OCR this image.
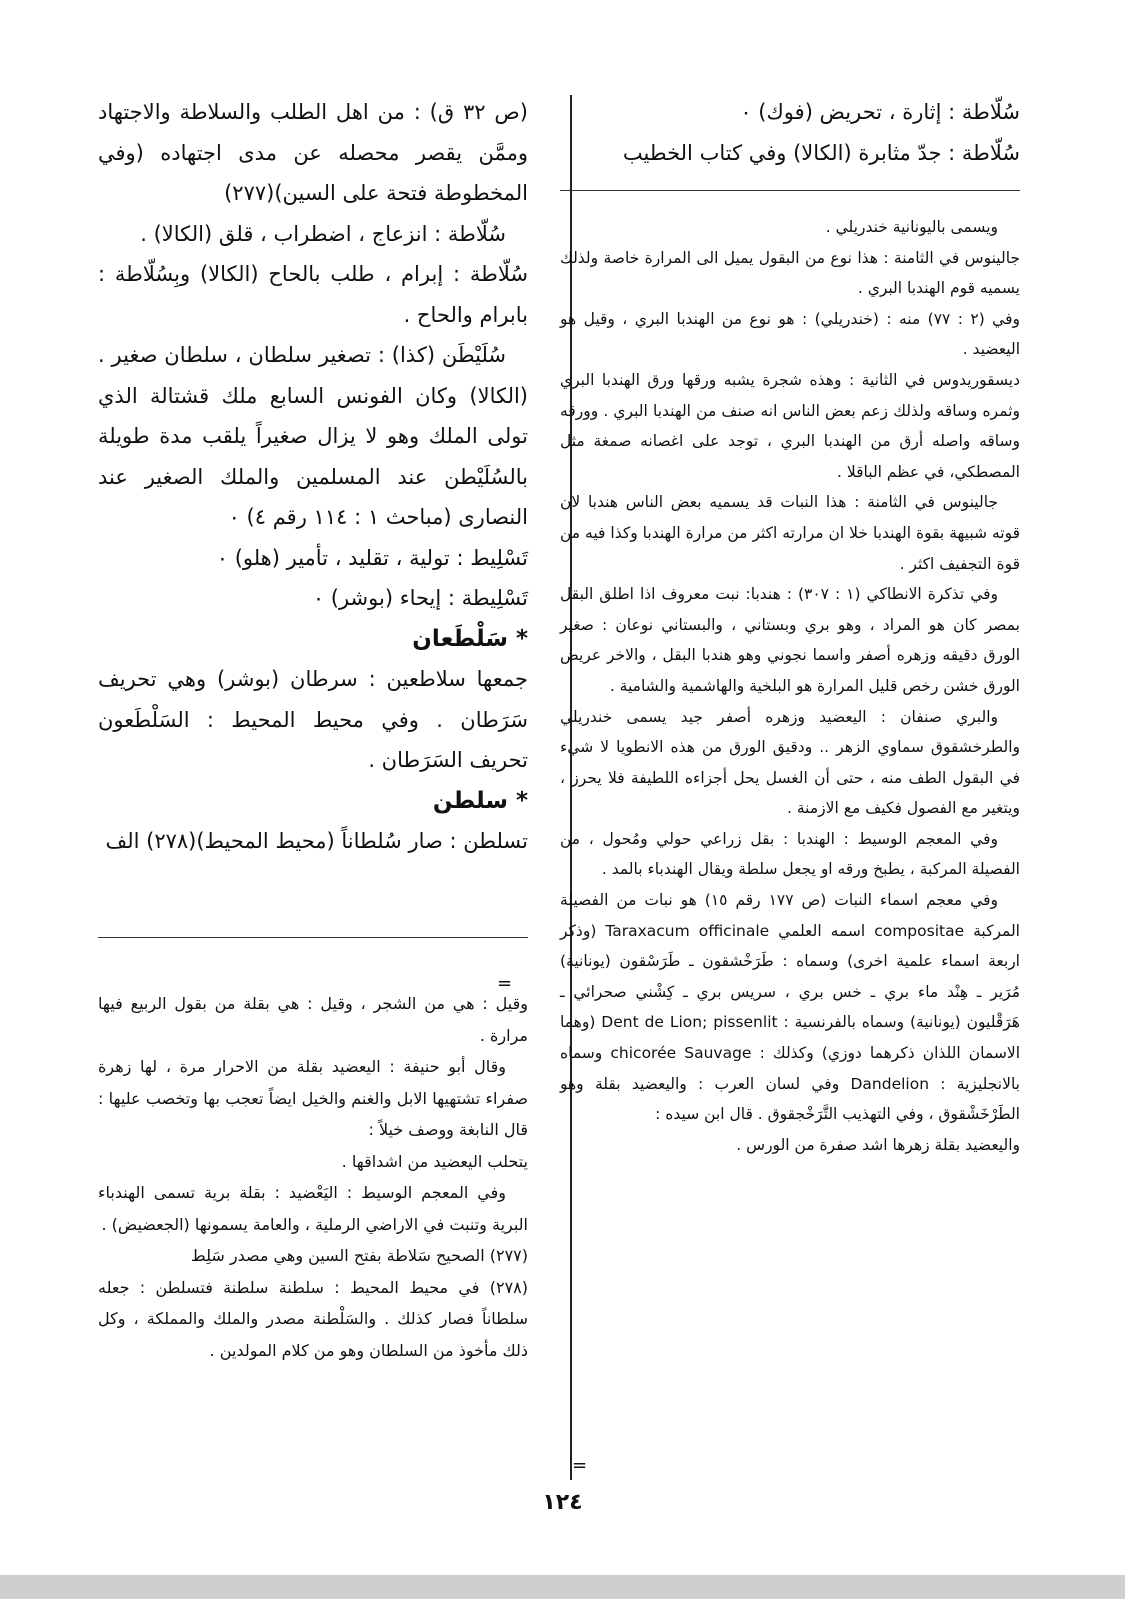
سُلّاطة : إثارة ، تحريض (فوك) ٠

سُلّاطة : جدّ مثابرة (الكالا) وفي كتاب الخطيب

ويسمى باليونانية خندريلي .

جالينوس في الثامنة : هذا نوع من البقول يميل الى المرارة خاصة ولذلك يسميه قوم الهندبا البري .

وفي (٢ : ٧٧) منه : (خندريلي) : هو نوع من الهندبا البري ، وقيل هو اليعضيد .

ديسقوريدوس في الثانية : وهذه شجرة يشبه ورقها ورق الهندبا البري وثمره وساقه ولذلك زعم بعض الناس انه صنف من الهندبا البري . وورقه وساقه واصله أرق من الهندبا البري ، توجد على اغصانه صمغة مثل المصطكي، في عظم الباقلا .

جالينوس في الثامنة : هذا النبات قد يسميه بعض الناس هندبا لان قوته شبيهة بقوة الهندبا خلا ان مرارته اكثر من مرارة الهندبا وكذا فيه من قوة التجفيف اكثر .

وفي تذكرة الانطاكي (١ : ٣٠٧) : هندبا: نبت معروف اذا اطلق البقل بمصر كان هو المراد ، وهو بري وبستاني ، والبستاني نوعان : صغير الورق دقيقه وزهره أصفر واسما نجوني وهو هندبا البقل ، والاخر عريض الورق خشن رخص قليل المرارة هو البلخية والهاشمية والشامية .

والبري صنفان : اليعضيد وزهره أصفر جيد يسمى خندريلي والطرخشقوق سماوي الزهر .. ودقيق الورق من هذه الانطويا لا شيء في البقول الطف منه ، حتى أن الغسل يحل أجزاءه اللطيفة فلا يحرز ، ويتغير مع الفصول فكيف مع الازمنة .

وفي المعجم الوسيط : الهندبا : بقل زراعي حولي ومُحول ، من الفصيلة المركبة ، يطبخ ورقه او يجعل سلطة ويقال الهندباء بالمد .

وفي معجم اسماء النبات (ص ١٧٧ رقم ١٥) هو نبات من الفصيلة المركبة compositae اسمه العلمي Taraxacum officinale (وذكر اربعة اسماء علمية اخرى) وسماه : طَرَخْشقون ـ طَرَسْقون (يونانية) مُرَير ـ هِنْد ماء بري ـ خس بري ، سريس بري ـ كِشْني صحرائي ـ هَرَقْليون (يونانية) وسماه بالفرنسية : Dent de Lion; pissenlit (وهما الاسمان اللذان ذكرهما دوزي) وكذلك : chicorée Sauvage وسماه بالانجليزية : Dandelion وفي لسان العرب : واليعضيد بقلة وهو الطَرْخَشْقوق ، وفي التهذيب التَّرَخْجقوق . قال ابن سيده :

واليعضيد بقلة زهرها اشد صفرة من الورس .

(ص ٣٢ ق) : من اهل الطلب والسلاطة والاجتهاد وممَّن يقصر محصله عن مدى اجتهاده (وفي المخطوطة فتحة على السين)(٢٧٧)

سُلّاطة : انزعاج ، اضطراب ، قلق (الكالا) .

سُلّاطة : إبرام ، طلب بالحاح (الكالا) وبِسُلّاطة : بابرام والحاح .

سُلَيْطَن (كذا) : تصغير سلطان ، سلطان صغير . (الكالا) وكان الفونس السابع ملك قشتالة الذي تولى الملك وهو لا يزال صغيراً يلقب مدة طويلة بالسُلَيْطن عند المسلمين والملك الصغير عند النصارى (مباحث ١ : ١١٤ رقم ٤) ٠

تَسْلِيط : تولية ، تقليد ، تأمير (هلو) ٠

تَسْلِيطة : إيحاء (بوشر) ٠

* سَلْطَعان

جمعها سلاطعين : سرطان (بوشر) وهي تحريف سَرَطان . وفي محيط المحيط : السَلْطَعون تحريف السَرَطان .

* سلطن

تسلطن : صار سُلطاناً (محيط المحيط)(٢٧٨) الف

وقيل : هي من الشجر ، وقيل : هي بقلة من بقول الربيع فيها مرارة .

وقال أبو حنيفة : اليعضيد بقلة من الاحرار مرة ، لها زهرة صفراء تشتهيها الابل والغنم والخيل ايضاً تعجب بها وتخصب عليها : قال النابغة ووصف خيلاً :

يتحلب اليعضيد من اشداقها .

وفي المعجم الوسيط : اليَعْضيد : بقلة برية تسمى الهندباء البرية وتنبت في الاراضي الرملية ، والعامة يسمونها (الجعضيض) .

(٢٧٧) الصحيح سَلاطة بفتح السين وهي مصدر سَلِط

(٢٧٨) في محيط المحيط : سلطنة سلطنة فتسلطن : جعله سلطاناً فصار كذلك . والسَلْطنة مصدر والملك والمملكة ، وكل ذلك مأخوذ من السلطان وهو من كلام المولدين .

=
=
١٢٤
